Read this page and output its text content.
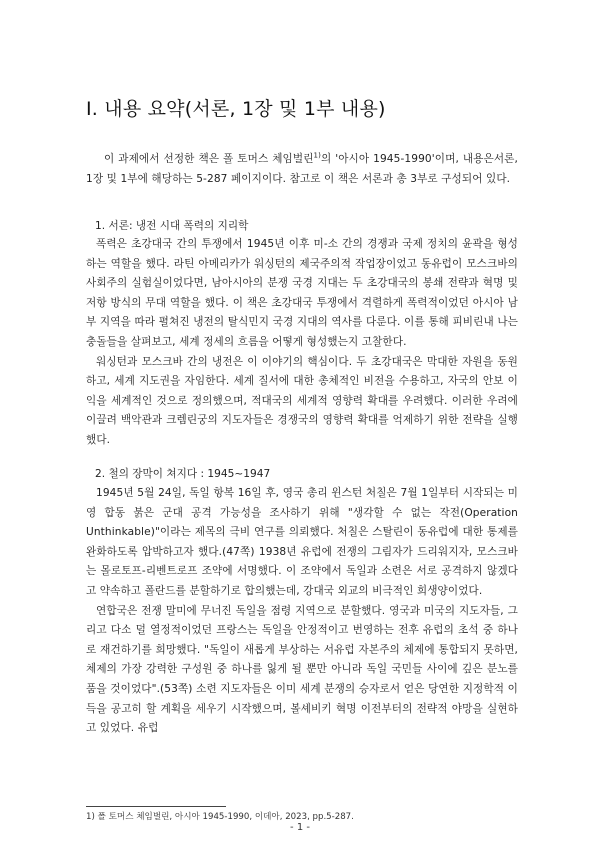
I. 내용 요약(서론, 1장 및 1부 내용)

이 과제에서 선정한 책은 폴 토머스 체임벌린$^{1)}$의 '아시아 1945-1990'이며, 내용은서론, 1장 및 1부에 해당하는 5-287 페이지이다. 참고로 이 책은 서론과 총 3부로 구성되어 있다.

1. 서론: 냉전 시대 폭력의 지리학

폭력은 초강대국 간의 투쟁에서 1945년 이후 미-소 간의 경쟁과 국제 정치의 윤곽을 형성하는 역할을 했다. 라틴 아메리카가 워싱턴의 제국주의적 작업장이었고 동유럽이 모스크바의 사회주의 실험실이었다면, 남아시아의 분쟁 국경 지대는 두 초강대국의 봉쇄 전략과 혁명 및 저항 방식의 무대 역할을 했다. 이 책은 초강대국 투쟁에서 격렬하게 폭력적이었던 아시아 남부 지역을 따라 펼쳐진 냉전의 탈식민지 국경 지대의 역사를 다룬다. 이를 통해 피비린내 나는 충돌들을 살펴보고, 세계 정세의 흐름을 어떻게 형성했는지 고찰한다.

워싱턴과 모스크바 간의 냉전은 이 이야기의 핵심이다. 두 초강대국은 막대한 자원을 동원하고, 세계 지도권을 자임한다. 세계 질서에 대한 총체적인 비전을 수용하고, 자국의 안보 이익을 세계적인 것으로 정의했으며, 적대국의 세계적 영향력 확대를 우려했다. 이러한 우려에 이끌려 백악관과 크렘린궁의 지도자들은 경쟁국의 영향력 확대를 억제하기 위한 전략을 실행했다.

2. 철의 장막이 쳐지다 : 1945~1947

1945년 5월 24일, 독일 항복 16일 후, 영국 총리 윈스턴 처칠은 7월 1일부터 시작되는 미영 합동 붉은 군대 공격 가능성을 조사하기 위해 "생각할 수 없는 작전(Operation Unthinkable)"이라는 제목의 극비 연구를 의뢰했다. 처칠은 스탈린이 동유럽에 대한 통제를 완화하도록 압박하고자 했다.(47쪽) 1938년 유럽에 전쟁의 그림자가 드리워지자, 모스크바는 몰로토프-리벤트로프 조약에 서명했다. 이 조약에서 독일과 소련은 서로 공격하지 않겠다고 약속하고 폴란드를 분할하기로 합의했는데, 강대국 외교의 비극적인 희생양이었다.

연합국은 전쟁 말미에 무너진 독일을 점령 지역으로 분할했다. 영국과 미국의 지도자들, 그리고 다소 덜 열정적이었던 프랑스는 독일을 안정적이고 번영하는 전후 유럽의 초석 중 하나로 재건하기를 희망했다. "독일이 새롭게 부상하는 서유럽 자본주의 체제에 통합되지 못하면, 체제의 가장 강력한 구성원 중 하나를 잃게 될 뿐만 아니라 독일 국민들 사이에 깊은 분노를 품을 것이었다".(53쪽) 소련 지도자들은 이미 세계 분쟁의 승자로서 얻은 당연한 지정학적 이득을 공고히 할 계획을 세우기 시작했으며, 볼셰비키 혁명 이전부터의 전략적 야망을 실현하고 있었다. 유럽

1) 폴 토머스 체임벌린, 아시아 1945-1990, 이데아, 2023, pp.5-287.
- 1 -
